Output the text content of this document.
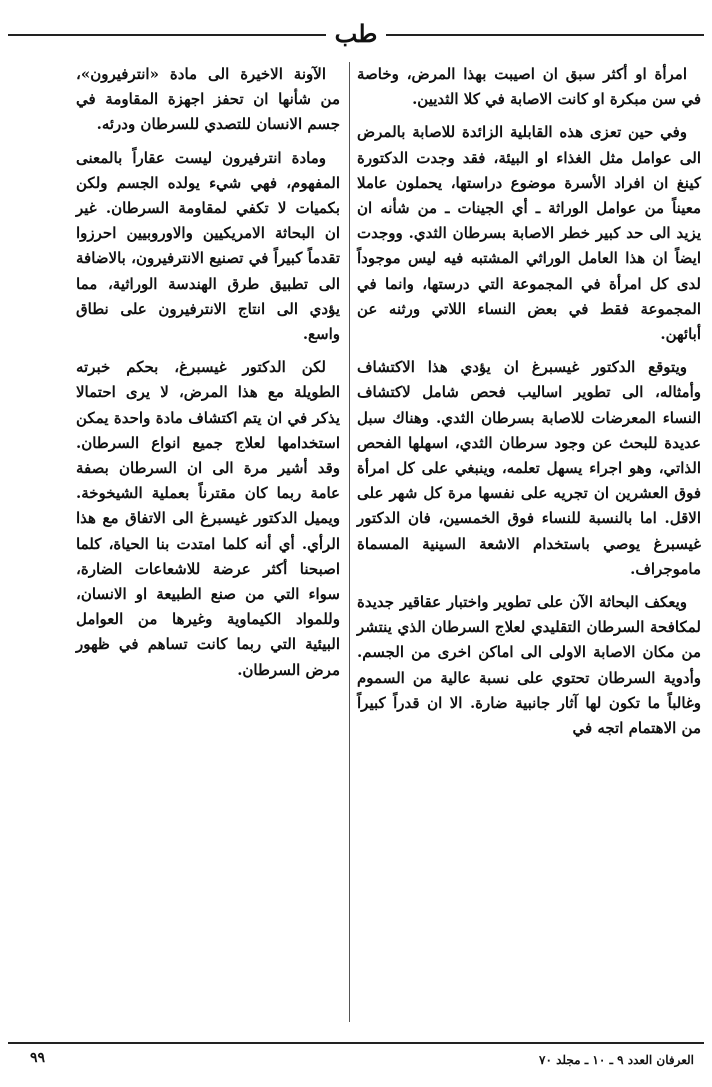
طب

امرأة او أكثر سبق ان اصيبت بهذا المرض، وخاصة في سن مبكرة او كانت الاصابة في كلا الثديين.

وفي حين تعزى هذه القابلية الزائدة للاصابة بالمرض الى عوامل مثل الغذاء او البيئة، فقد وجدت الدكتورة كينغ ان افراد الأسرة موضوع دراستها، يحملون عاملا معيناً من عوامل الوراثة ـ أي الجينات ـ من شأنه ان يزيد الى حد كبير خطر الاصابة بسرطان الثدي. ووجدت ايضاً ان هذا العامل الوراثي المشتبه فيه ليس موجوداً لدى كل امرأة في المجموعة التي درستها، وانما في المجموعة فقط في بعض النساء اللاتي ورثنه عن أبائهن.

ويتوقع الدكتور غيسبرغ ان يؤدي هذا الاكتشاف وأمثاله، الى تطوير اساليب فحص شامل لاكتشاف النساء المعرضات للاصابة بسرطان الثدي. وهناك سبل عديدة للبحث عن وجود سرطان الثدي، اسهلها الفحص الذاتي، وهو اجراء يسهل تعلمه، وينبغي على كل امرأة فوق العشرين ان تجريه على نفسها مرة كل شهر على الاقل. اما بالنسبة للنساء فوق الخمسين، فان الدكتور غيسبرغ يوصي باستخدام الاشعة السينية المسماة ماموجراف.

ويعكف البحاثة الآن على تطوير واختبار عقاقير جديدة لمكافحة السرطان التقليدي لعلاج السرطان الذي ينتشر من مكان الاصابة الاولى الى اماكن اخرى من الجسم. وأدوية السرطان تحتوي على نسبة عالية من السموم وغالباً ما تكون لها آثار جانبية ضارة. الا ان قدراً كبيراً من الاهتمام اتجه في

الآونة الاخيرة الى مادة «انترفيرون»، من شأنها ان تحفز اجهزة المقاومة في جسم الانسان للتصدي للسرطان ودرئه.

ومادة انترفيرون ليست عقاراً بالمعنى المفهوم، فهي شيء يولده الجسم ولكن بكميات لا تكفي لمقاومة السرطان. غير ان البحاثة الامريكيين والاوروبيين احرزوا تقدماً كبيراً في تصنيع الانترفيرون، بالاضافة الى تطبيق طرق الهندسة الوراثية، مما يؤدي الى انتاج الانترفيرون على نطاق واسع.

لكن الدكتور غيسبرغ، بحكم خبرته الطويلة مع هذا المرض، لا يرى احتمالا يذكر في ان يتم اكتشاف مادة واحدة يمكن استخدامها لعلاج جميع انواع السرطان. وقد أشير مرة الى ان السرطان بصفة عامة ربما كان مقترناً بعملية الشيخوخة. ويميل الدكتور غيسبرغ الى الاتفاق مع هذا الرأي. أي أنه كلما امتدت بنا الحياة، كلما اصبحنا أكثر عرضة للاشعاعات الضارة، سواء التي من صنع الطبيعة او الانسان، وللمواد الكيماوية وغيرها من العوامل البيئية التي ربما كانت تساهم في ظهور مرض السرطان.

العرفان العدد ٩ ـ ١٠ ـ مجلد ٧٠
٩٩
